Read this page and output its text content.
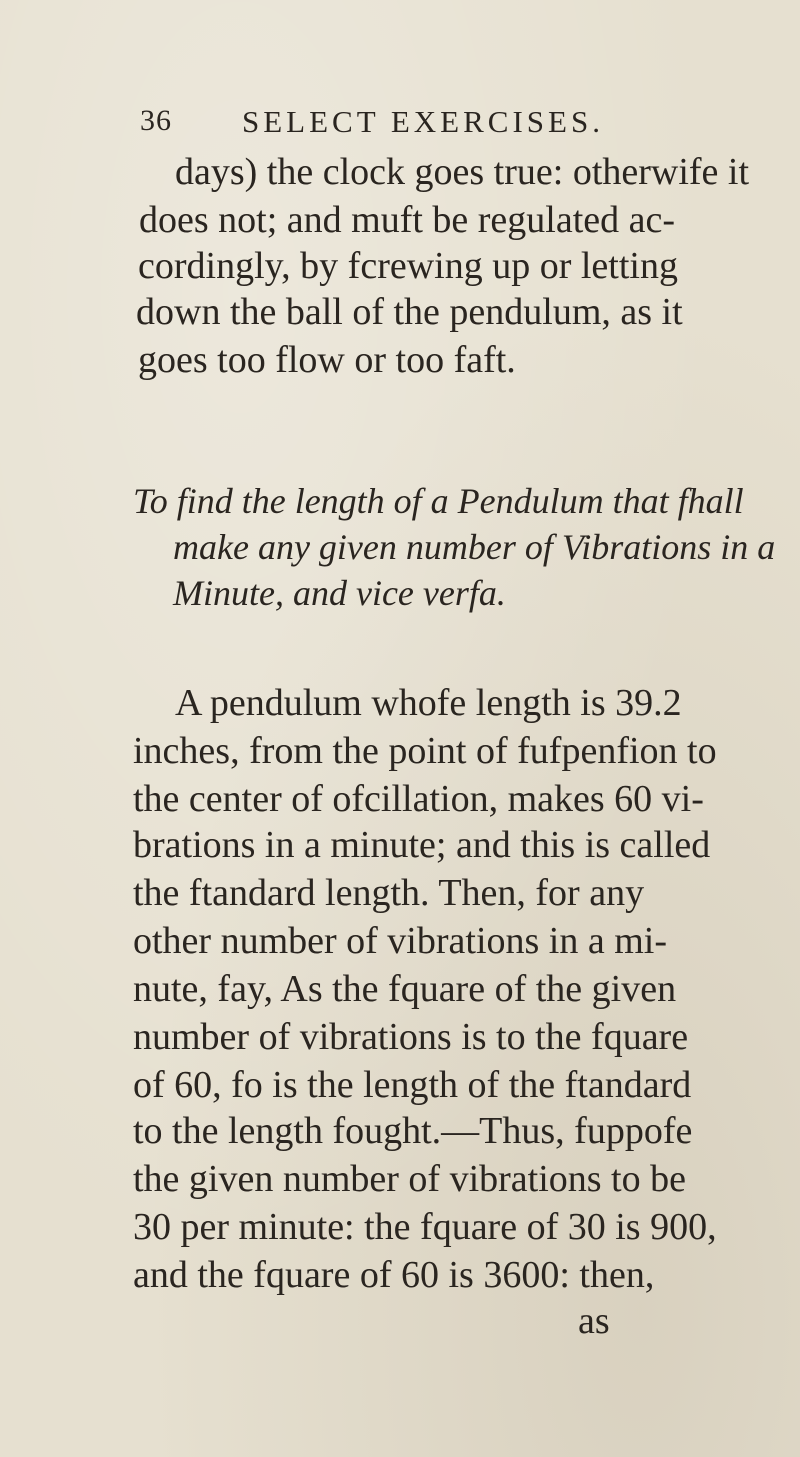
36 SELECT EXERCISES.
days) the clock goes true: otherwife it
does not; and muft be regulated ac-
cordingly, by fcrewing up or letting
down the ball of the pendulum, as it
goes too flow or too faft.
To find the length of a Pendulum that fhall
make any given number of Vibrations in a
Minute, and vice verfa.
A pendulum whofe length is 39.2
inches, from the point of fufpenfion to
the center of ofcillation, makes 60 vi-
brations in a minute; and this is called
the ftandard length. Then, for any
other number of vibrations in a mi-
nute, fay, As the fquare of the given
number of vibrations is to the fquare
of 60, fo is the length of the ftandard
to the length fought.—Thus, fuppofe
the given number of vibrations to be
30 per minute: the fquare of 30 is 900,
and the fquare of 60 is 3600: then,
as
